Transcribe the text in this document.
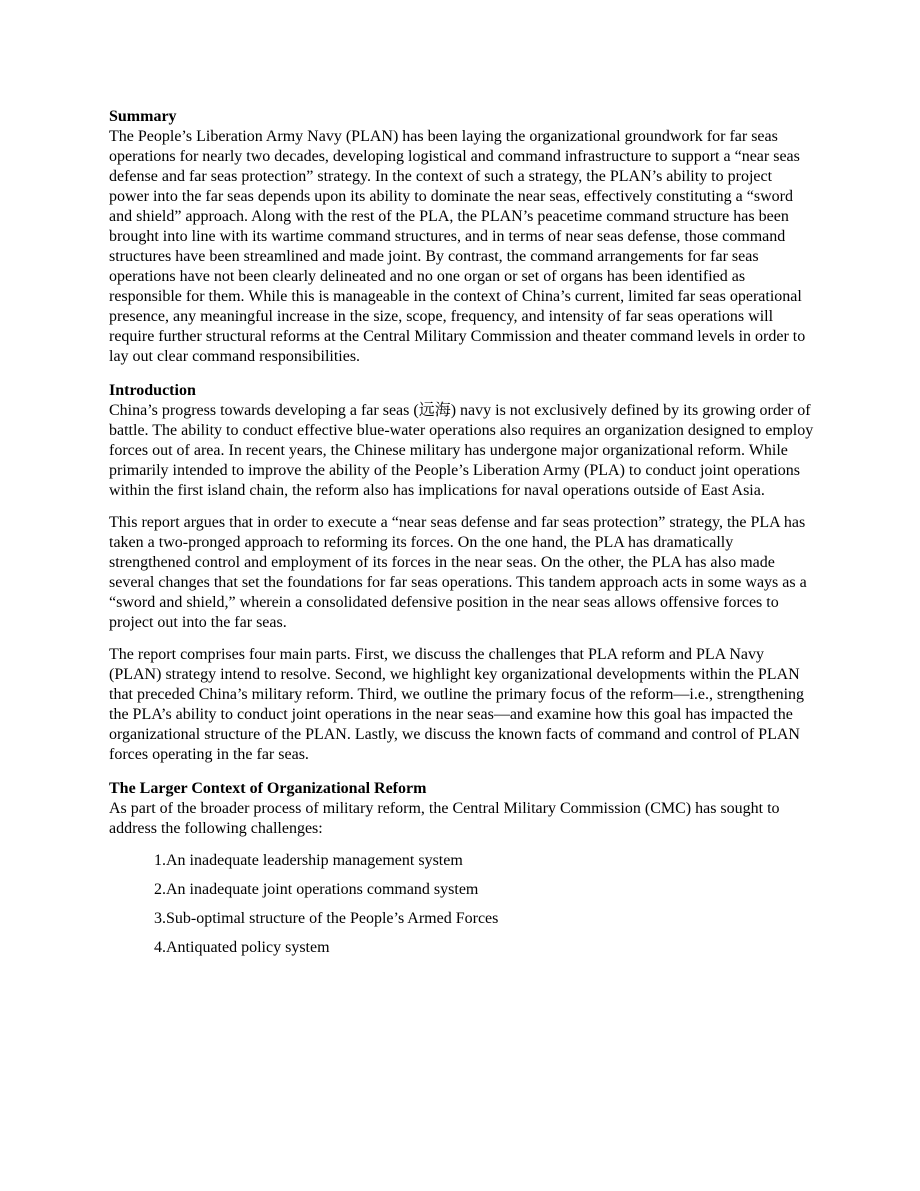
Summary

The People’s Liberation Army Navy (PLAN) has been laying the organizational groundwork for far seas operations for nearly two decades, developing logistical and command infrastructure to support a “near seas defense and far seas protection” strategy. In the context of such a strategy, the PLAN’s ability to project power into the far seas depends upon its ability to dominate the near seas, effectively constituting a “sword and shield” approach. Along with the rest of the PLA, the PLAN’s peacetime command structure has been brought into line with its wartime command structures, and in terms of near seas defense, those command structures have been streamlined and made joint. By contrast, the command arrangements for far seas operations have not been clearly delineated and no one organ or set of organs has been identified as responsible for them. While this is manageable in the context of China’s current, limited far seas operational presence, any meaningful increase in the size, scope, frequency, and intensity of far seas operations will require further structural reforms at the Central Military Commission and theater command levels in order to lay out clear command responsibilities.

Introduction

China’s progress towards developing a far seas (远海) navy is not exclusively defined by its growing order of battle. The ability to conduct effective blue-water operations also requires an organization designed to employ forces out of area. In recent years, the Chinese military has undergone major organizational reform. While primarily intended to improve the ability of the People’s Liberation Army (PLA) to conduct joint operations within the first island chain, the reform also has implications for naval operations outside of East Asia.

This report argues that in order to execute a “near seas defense and far seas protection” strategy, the PLA has taken a two-pronged approach to reforming its forces. On the one hand, the PLA has dramatically strengthened control and employment of its forces in the near seas. On the other, the PLA has also made several changes that set the foundations for far seas operations. This tandem approach acts in some ways as a “sword and shield,” wherein a consolidated defensive position in the near seas allows offensive forces to project out into the far seas.

The report comprises four main parts. First, we discuss the challenges that PLA reform and PLA Navy (PLAN) strategy intend to resolve. Second, we highlight key organizational developments within the PLAN that preceded China’s military reform. Third, we outline the primary focus of the reform—i.e., strengthening the PLA’s ability to conduct joint operations in the near seas—and examine how this goal has impacted the organizational structure of the PLAN. Lastly, we discuss the known facts of command and control of PLAN forces operating in the far seas.

The Larger Context of Organizational Reform

As part of the broader process of military reform, the Central Military Commission (CMC) has sought to address the following challenges:

1. An inadequate leadership management system
2. An inadequate joint operations command system
3. Sub-optimal structure of the People’s Armed Forces
4. Antiquated policy system
